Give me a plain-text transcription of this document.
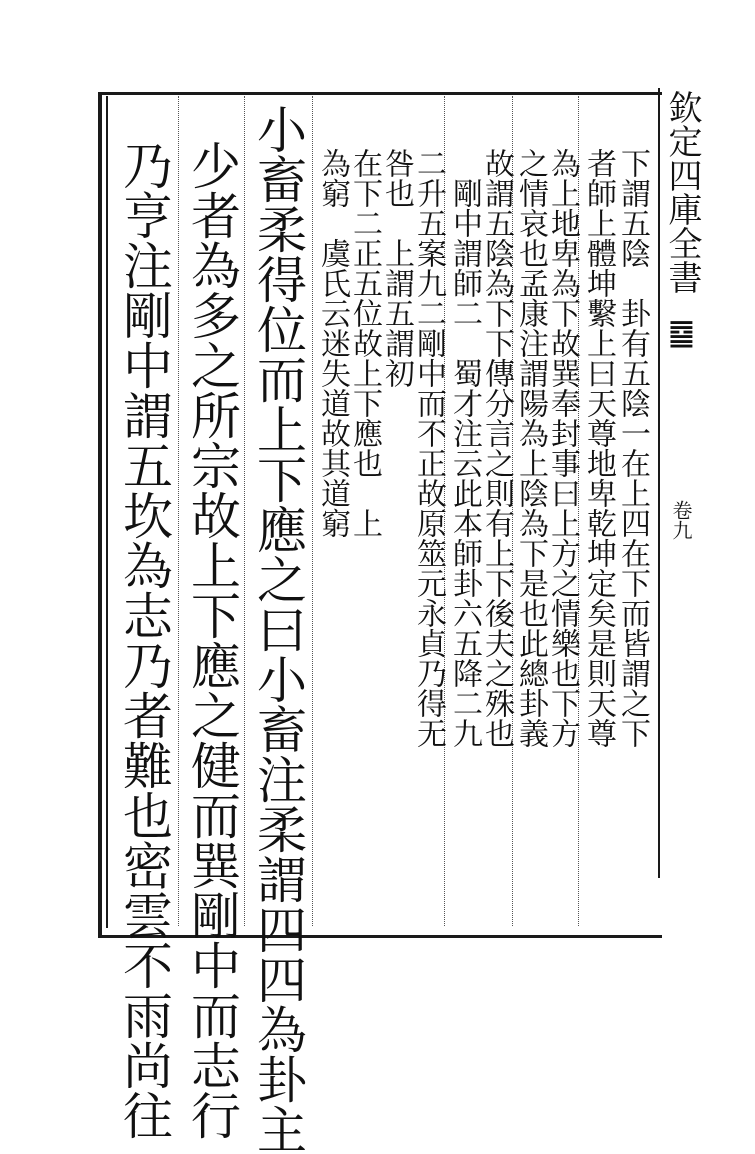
乃亨注剛中謂五坎為志乃者難也密雲不雨尚往 少者為多之所宗故上下應之健而巽剛中而志行 小畜柔得位而上下應之曰小畜注柔謂四四為卦主 為窮　虞氏云迷失道故其道窮
在下二正五位故上下應也　上
咎也　上謂五謂初
二升五案九二剛中而不正故原筮元永貞乃得无 剛中謂師二　蜀才注云此本師卦六五降二九
故謂五陰為下下傳分言之則有上下後夫之殊也 之情哀也孟康注謂陽為上陰為下是也此總卦義
為上地卑為下故巽奉封事曰上方之情樂也下方 者師上體坤繫上曰天尊地卑乾坤定矣是則天尊 下謂五陰　卦有五陰一在上四在下而皆謂之下 欽定四庫全書
䷈
卷九
